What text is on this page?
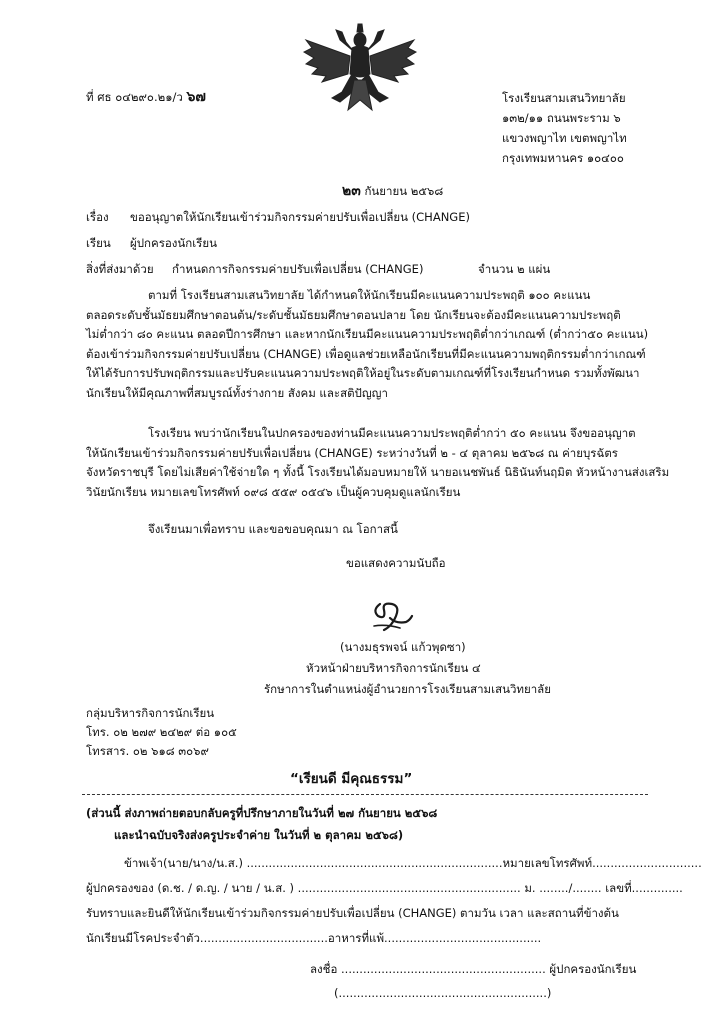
ที่ ศธ ๐๔๒๙๐.๒๑/ว ๖๗	โรงเรียนสามเสนวิทยาลัย
๑๓๒/๑๑ ถนนพระราม ๖
แขวงพญาไท เขตพญาไท
กรุงเทพมหานคร ๑๐๔๐๐
๒๓ กันยายน ๒๕๖๘
เรื่อง ขออนุญาตให้นักเรียนเข้าร่วมกิจกรรมค่ายปรับเพื่อเปลี่ยน (CHANGE)
เรียน ผู้ปกครองนักเรียน
สิ่งที่ส่งมาด้วย กำหนดการกิจกรรมค่ายปรับเพื่อเปลี่ยน (CHANGE)	จำนวน ๒ แผ่น
ตามที่ โรงเรียนสามเสนวิทยาลัย ได้กำหนดให้นักเรียนมีคะแนนความประพฤติ ๑๐๐ คะแนน
ตลอดระดับชั้นมัธยมศึกษาตอนต้น/ระดับชั้นมัธยมศึกษาตอนปลาย โดย นักเรียนจะต้องมีคะแนนความประพฤติ
ไม่ต่ำกว่า ๘๐ คะแนน ตลอดปีการศึกษา และหากนักเรียนมีคะแนนความประพฤติต่ำกว่าเกณฑ์ (ต่ำกว่า๕๐ คะแนน)
ต้องเข้าร่วมกิจกรรมค่ายปรับเปลี่ยน (CHANGE) เพื่อดูแลช่วยเหลือนักเรียนที่มีคะแนนความพฤติกรรมต่ำกว่าเกณฑ์
ให้ได้รับการปรับพฤติกรรมและปรับคะแนนความประพฤติให้อยู่ในระดับตามเกณฑ์ที่โรงเรียนกำหนด รวมทั้งพัฒนา
นักเรียนให้มีคุณภาพที่สมบูรณ์ทั้งร่างกาย สังคม และสติปัญญา
โรงเรียน พบว่านักเรียนในปกครองของท่านมีคะแนนความประพฤติต่ำกว่า ๕๐ คะแนน จึงขออนุญาต
ให้นักเรียนเข้าร่วมกิจกรรมค่ายปรับเพื่อเปลี่ยน (CHANGE) ระหว่างวันที่ ๒ - ๔ ตุลาคม ๒๕๖๘ ณ ค่ายบุรฉัตร
จังหวัดราชบุรี โดยไม่เสียค่าใช้จ่ายใด ๆ ทั้งนี้ โรงเรียนได้มอบหมายให้ นายอเนชพันธ์ นิธินันท์นฤมิต หัวหน้างานส่งเสริม
วินัยนักเรียน หมายเลขโทรศัพท์ ๐๙๘ ๕๕๙ ๐๕๔๖ เป็นผู้ควบคุมดูแลนักเรียน
จึงเรียนมาเพื่อทราบ และขอขอบคุณมา ณ โอกาสนี้
ขอแสดงความนับถือ
(นางมธุรพจน์ แก้วพุดซา)
หัวหน้าฝ่ายบริหารกิจการนักเรียน ๔
รักษาการในตำแหน่งผู้อำนวยการโรงเรียนสามเสนวิทยาลัย
กลุ่มบริหารกิจการนักเรียน
โทร. ๐๒ ๒๗๙ ๒๔๒๙ ต่อ ๑๐๕
โทรสาร. ๐๒ ๖๑๘ ๓๐๖๙
“เรียนดี มีคุณธรรม”
(ส่วนนี้ ส่งภาพถ่ายตอบกลับครูที่ปรึกษาภายในวันที่ ๒๗ กันยายน ๒๕๖๘
และนำฉบับจริงส่งครูประจำค่าย ในวันที่ ๒ ตุลาคม ๒๕๖๘)
ข้าพเจ้า(นาย/นาง/น.ส.) ......................................................................หมายเลขโทรศัพท์..............................
ผู้ปกครองของ (ด.ช. / ด.ญ. / นาย / น.ส. ) ............................................................. ม. ......../........ เลขที่..............
รับทราบและยินดีให้นักเรียนเข้าร่วมกิจกรรมค่ายปรับเพื่อเปลี่ยน (CHANGE) ตามวัน เวลา และสถานที่ข้างต้น
นักเรียนมีโรคประจำตัว...................................อาหารที่แพ้...........................................
ลงชื่อ ........................................................ ผู้ปกครองนักเรียน
(.........................................................)
